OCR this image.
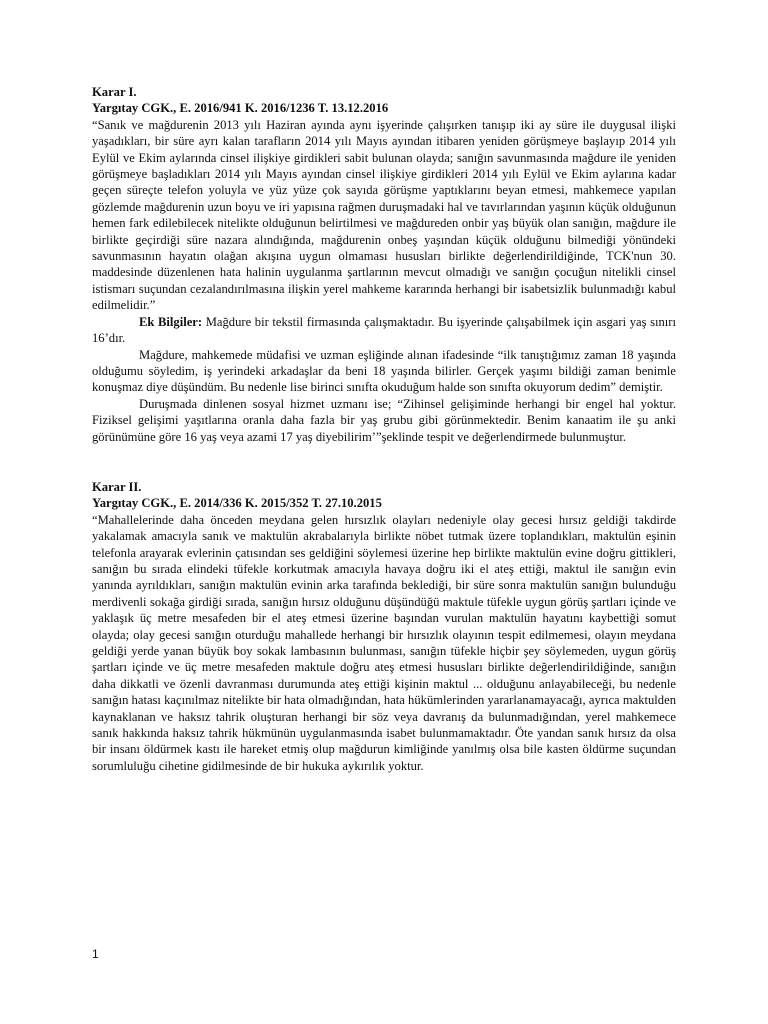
Karar I.

Yargıtay CGK., E. 2016/941 K. 2016/1236 T. 13.12.2016

“Sanık ve mağdurenin 2013 yılı Haziran ayında aynı işyerinde çalışırken tanışıp iki ay süre ile duygusal ilişki yaşadıkları, bir süre ayrı kalan tarafların 2014 yılı Mayıs ayından itibaren yeniden görüşmeye başlayıp 2014 yılı Eylül ve Ekim aylarında cinsel ilişkiye girdikleri sabit bulunan olayda; sanığın savunmasında mağdure ile yeniden görüşmeye başladıkları 2014 yılı Mayıs ayından cinsel ilişkiye girdikleri 2014 yılı Eylül ve Ekim aylarına kadar geçen süreçte telefon yoluyla ve yüz yüze çok sayıda görüşme yaptıklarını beyan etmesi, mahkemece yapılan gözlemde mağdurenin uzun boyu ve iri yapısına rağmen duruşmadaki hal ve tavırlarından yaşının küçük olduğunun hemen fark edilebilecek nitelikte olduğunun belirtilmesi ve mağdureden onbir yaş büyük olan sanığın, mağdure ile birlikte geçirdiği süre nazara alındığında, mağdurenin onbeş yaşından küçük olduğunu bilmediği yönündeki savunmasının hayatın olağan akışına uygun olmaması hususları birlikte değerlendirildiğinde, TCK'nun 30. maddesinde düzenlenen hata halinin uygulanma şartlarının mevcut olmadığı ve sanığın çocuğun nitelikli cinsel istismarı suçundan cezalandırılmasına ilişkin yerel mahkeme kararında herhangi bir isabetsizlik bulunmadığı kabul edilmelidir.”

Ek Bilgiler: Mağdure bir tekstil firmasında çalışmaktadır. Bu işyerinde çalışabilmek için asgari yaş sınırı 16’dır.

Mağdure, mahkemede müdafisi ve uzman eşliğinde alınan ifadesinde “ilk tanıştığımız zaman 18 yaşında olduğumu söyledim, iş yerindeki arkadaşlar da beni 18 yaşında bilirler. Gerçek yaşımı bildiği zaman benimle konuşmaz diye düşündüm. Bu nedenle lise birinci sınıfta okuduğum halde son sınıfta okuyorum dedim” demiştir.

Duruşmada dinlenen sosyal hizmet uzmanı ise; “Zihinsel gelişiminde herhangi bir engel hal yoktur. Fiziksel gelişimi yaşıtlarına oranla daha fazla bir yaş grubu gibi görünmektedir. Benim kanaatim ile şu anki görünümüne göre 16 yaş veya azami 17 yaş diyebilirim’”şeklinde tespit ve değerlendirmede bulunmuştur.

Karar II.

Yargıtay CGK., E. 2014/336 K. 2015/352 T. 27.10.2015

“Mahallelerinde daha önceden meydana gelen hırsızlık olayları nedeniyle olay gecesi hırsız geldiği takdirde yakalamak amacıyla sanık ve maktulün akrabalarıyla birlikte nöbet tutmak üzere toplandıkları, maktulün eşinin telefonla arayarak evlerinin çatısından ses geldiğini söylemesi üzerine hep birlikte maktulün evine doğru gittikleri, sanığın bu sırada elindeki tüfekle korkutmak amacıyla havaya doğru iki el ateş ettiği, maktul ile sanığın evin yanında ayrıldıkları, sanığın maktulün evinin arka tarafında beklediği, bir süre sonra maktulün sanığın bulunduğu merdivenli sokağa girdiği sırada, sanığın hırsız olduğunu düşündüğü maktule tüfekle uygun görüş şartları içinde ve yaklaşık üç metre mesafeden bir el ateş etmesi üzerine başından vurulan maktulün hayatını kaybettiği somut olayda; olay gecesi sanığın oturduğu mahallede herhangi bir hırsızlık olayının tespit edilmemesi, olayın meydana geldiği yerde yanan büyük boy sokak lambasının bulunması, sanığın tüfekle hiçbir şey söylemeden, uygun görüş şartları içinde ve üç metre mesafeden maktule doğru ateş etmesi hususları birlikte değerlendirildiğinde, sanığın daha dikkatli ve özenli davranması durumunda ateş ettiği kişinin maktul ... olduğunu anlayabileceği, bu nedenle sanığın hatası kaçınılmaz nitelikte bir hata olmadığından, hata hükümlerinden yararlanamayacağı, ayrıca maktulden kaynaklanan ve haksız tahrik oluşturan herhangi bir söz veya davranış da bulunmadığından, yerel mahkemece sanık hakkında haksız tahrik hükmünün uygulanmasında isabet bulunmamaktadır. Öte yandan sanık hırsız da olsa bir insanı öldürmek kastı ile hareket etmiş olup mağdurun kimliğinde yanılmış olsa bile kasten öldürme suçundan sorumluluğu cihetine gidilmesinde de bir hukuka aykırılık yoktur.

1
